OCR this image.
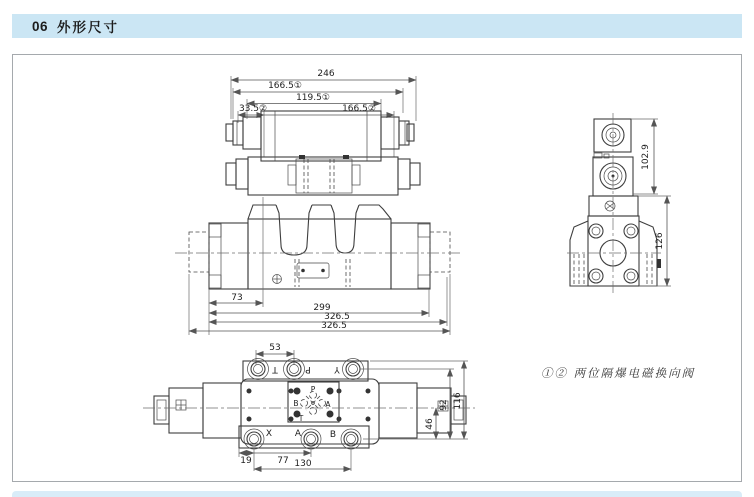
06 外形尺寸
246
166.5①
119.5①
33.5②	166.5②
73
299
326.5
326.5
102.9
126
53
T	P	Y
P
B	A
T
X	A	B
46
92 116
19	77 130
①② 两位隔爆电磁换向阀
